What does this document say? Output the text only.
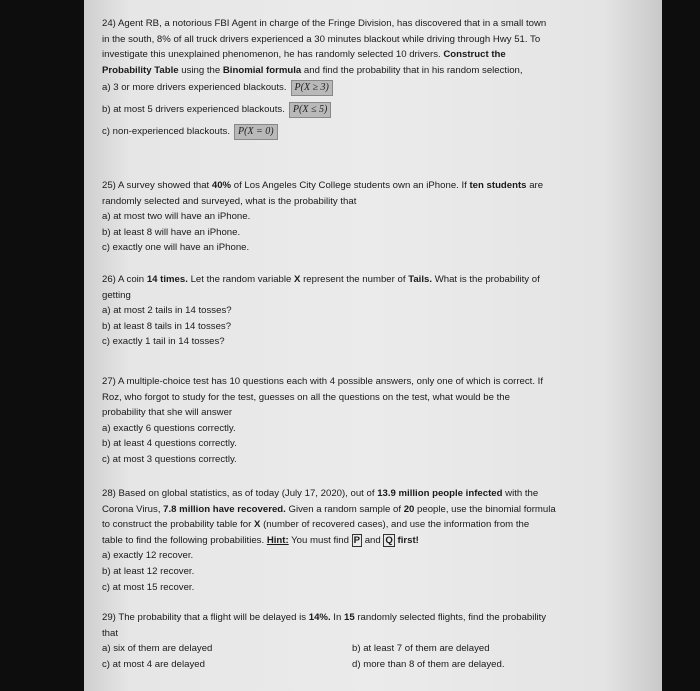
24) Agent RB, a notorious FBI Agent in charge of the Fringe Division, has discovered that in a small town

in the south, 8% of all truck drivers experienced a 30 minutes blackout while driving through Hwy 51. To

investigate this unexplained phenomenon, he has randomly selected 10 drivers. Construct the

Probability Table using the Binomial formula and find the probability that in his random selection,

a) 3 or more drivers experienced blackouts. P(X ≥ 3)

b) at most 5 drivers experienced blackouts. P(X ≤ 5)

c) non-experienced blackouts. P(X = 0)

25) A survey showed that 40% of Los Angeles City College students own an iPhone. If ten students are

randomly selected and surveyed, what is the probability that

a) at most two will have an iPhone.

b) at least 8 will have an iPhone.

c) exactly one will have an iPhone.

26) A coin 14 times. Let the random variable X represent the number of Tails. What is the probability of

getting

a) at most 2 tails in 14 tosses?

b) at least 8 tails in 14 tosses?

c) exactly 1 tail in 14 tosses?

27) A multiple-choice test has 10 questions each with 4 possible answers, only one of which is correct. If

Roz, who forgot to study for the test, guesses on all the questions on the test, what would be the

probability that she will answer

a) exactly 6 questions correctly.

b) at least 4 questions correctly.

c) at most 3 questions correctly.

28) Based on global statistics, as of today (July 17, 2020), out of 13.9 million people infected with the

Corona Virus, 7.8 million have recovered. Given a random sample of 20 people, use the binomial formula

to construct the probability table for X (number of recovered cases), and use the information from the

table to find the following probabilities. Hint: You must find P and Q first!

a) exactly 12 recover.

b) at least 12 recover.

c) at most 15 recover.

29) The probability that a flight will be delayed is 14%. In 15 randomly selected flights, find the probability

that

a) six of them are delayed	b) at least 7 of them are delayed
c) at most 4 are delayed	d) more than 8 of them are delayed.
